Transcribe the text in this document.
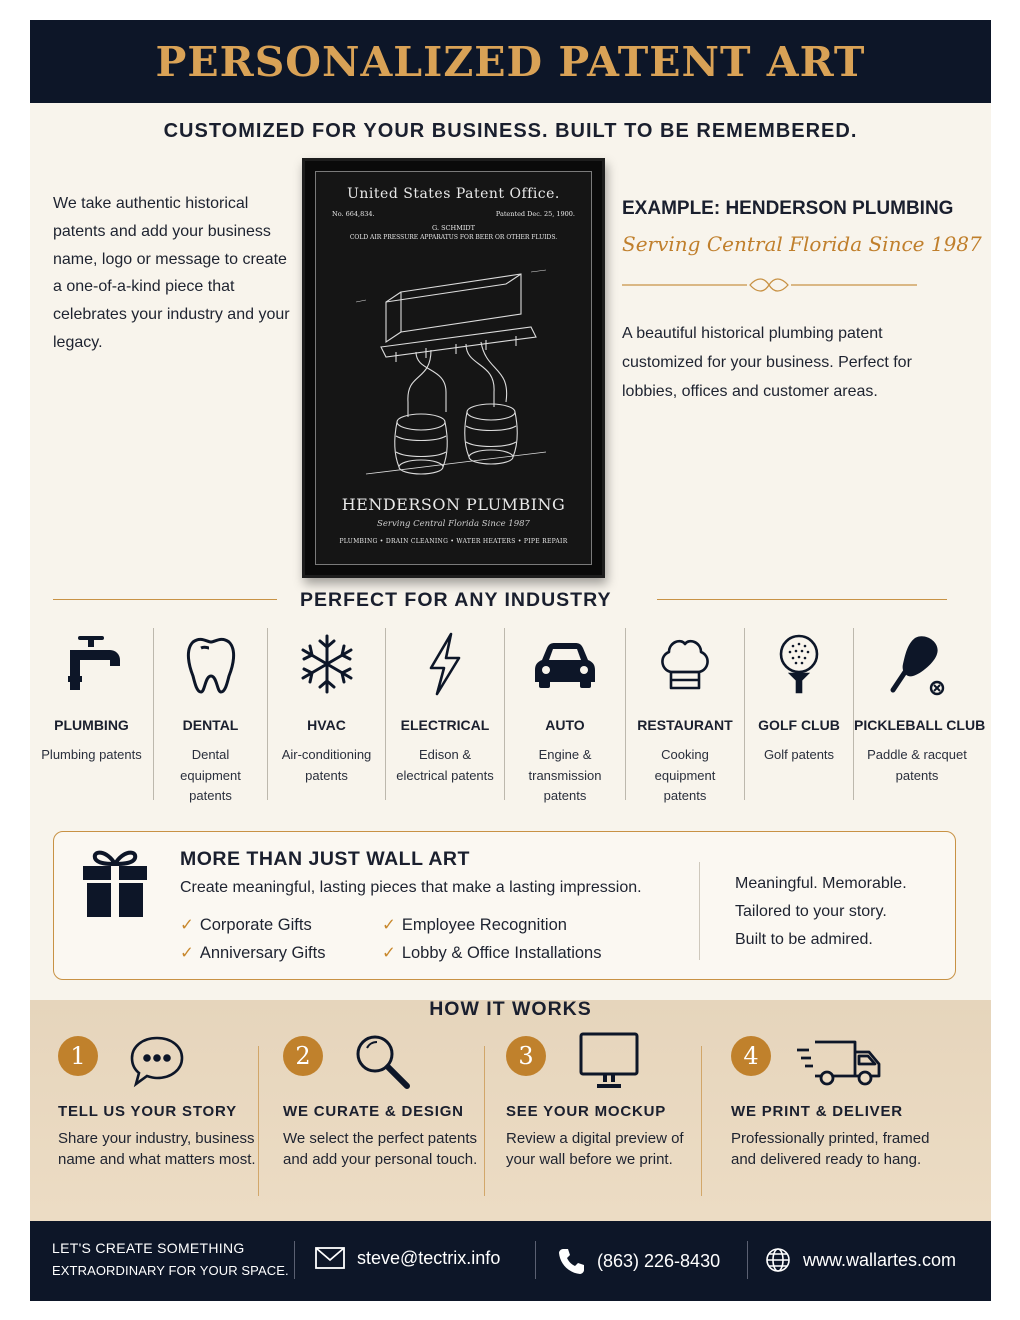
PERSONALIZED PATENT ART
CUSTOMIZED FOR YOUR BUSINESS. BUILT TO BE REMEMBERED.

We take authentic historical patents and add your business name, logo or message to create a one-of-a-kind piece that celebrates your industry and your legacy.

United States Patent Office.
No. 664,834.	Patented Dec. 25, 1900.
G. SCHMIDT
COLD AIR PRESSURE APPARATUS FOR BEER OR OTHER FLUIDS.
HENDERSON PLUMBING
Serving Central Florida Since 1987
PLUMBING • DRAIN CLEANING • WATER HEATERS • PIPE REPAIR
EXAMPLE: HENDERSON PLUMBING
Serving Central Florida Since 1987

A beautiful historical plumbing patent customized for your business. Perfect for lobbies, offices and customer areas.

PERFECT FOR ANY INDUSTRY
PLUMBING
Plumbing patents
DENTAL
Dental equipment patents
HVAC
Air-conditioning patents
ELECTRICAL
Edison & electrical patents
AUTO
Engine & transmission patents
RESTAURANT
Cooking equipment patents
GOLF CLUB
Golf patents
PICKLEBALL CLUB
Paddle & racquet patents
MORE THAN JUST WALL ART
Create meaningful, lasting pieces that make a lasting impression.
✓ Corporate Gifts
✓ Anniversary Gifts
✓ Employee Recognition
✓ Lobby & Office Installations
Meaningful. Memorable.
Tailored to your story.
Built to be admired.
HOW IT WORKS
1
TELL US YOUR STORY
Share your industry, business name and what matters most.
2
WE CURATE & DESIGN
We select the perfect patents and add your personal touch.
3
SEE YOUR MOCKUP
Review a digital preview of your wall before we print.
4
WE PRINT & DELIVER
Professionally printed, framed and delivered ready to hang.
LET'S CREATE SOMETHING
EXTRAORDINARY FOR YOUR SPACE.
steve@tectrix.info	(863) 226-8430	www.wallartes.com
